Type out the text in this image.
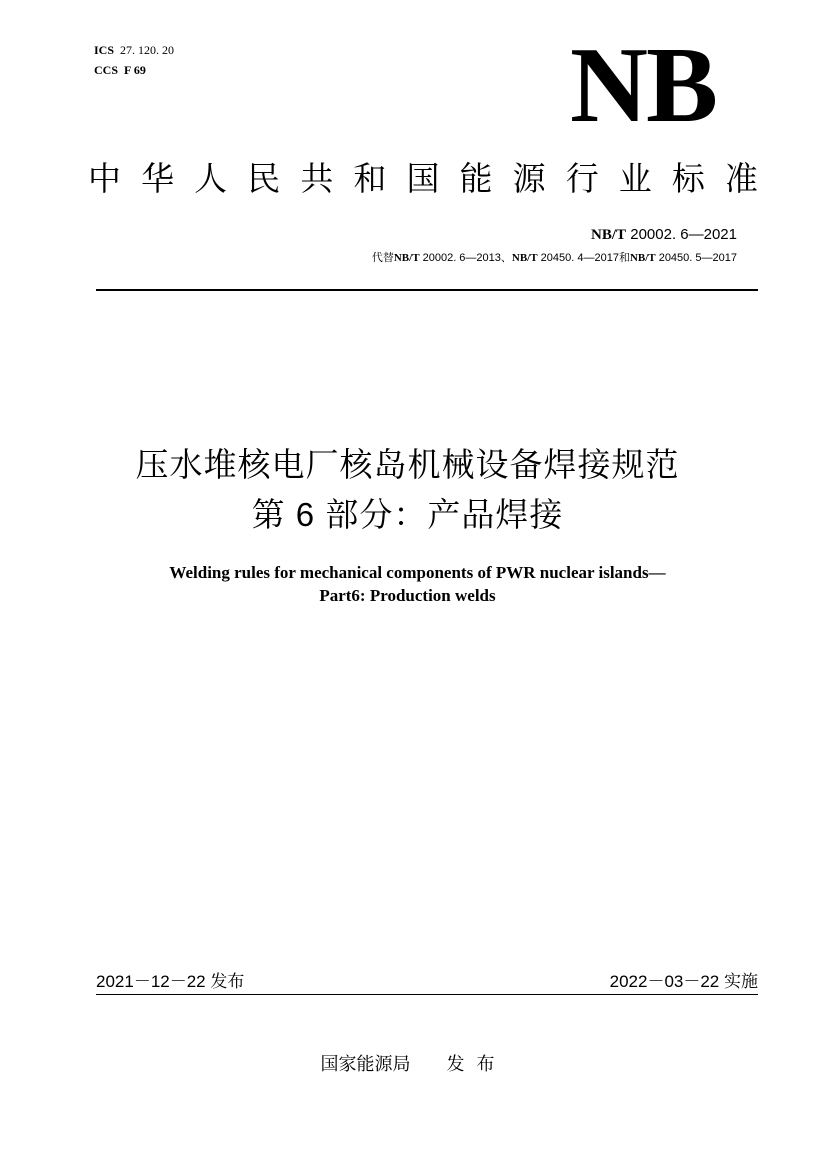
ICS 27. 120. 20
CCS F 69	NB
中 华 人 民 共 和 国 能 源 行 业 标 准
NB/T 20002. 6—2021
代替NB/T 20002. 6—2013、NB/T 20450. 4—2017和NB/T 20450. 5—2017
压水堆核电厂核岛机械设备焊接规范
第 6 部分：产品焊接
Welding rules for mechanical components of PWR nuclear islands—
Part6: Production welds
2021－12－22 发布	2022－03－22 实施
国家能源局 发 布
